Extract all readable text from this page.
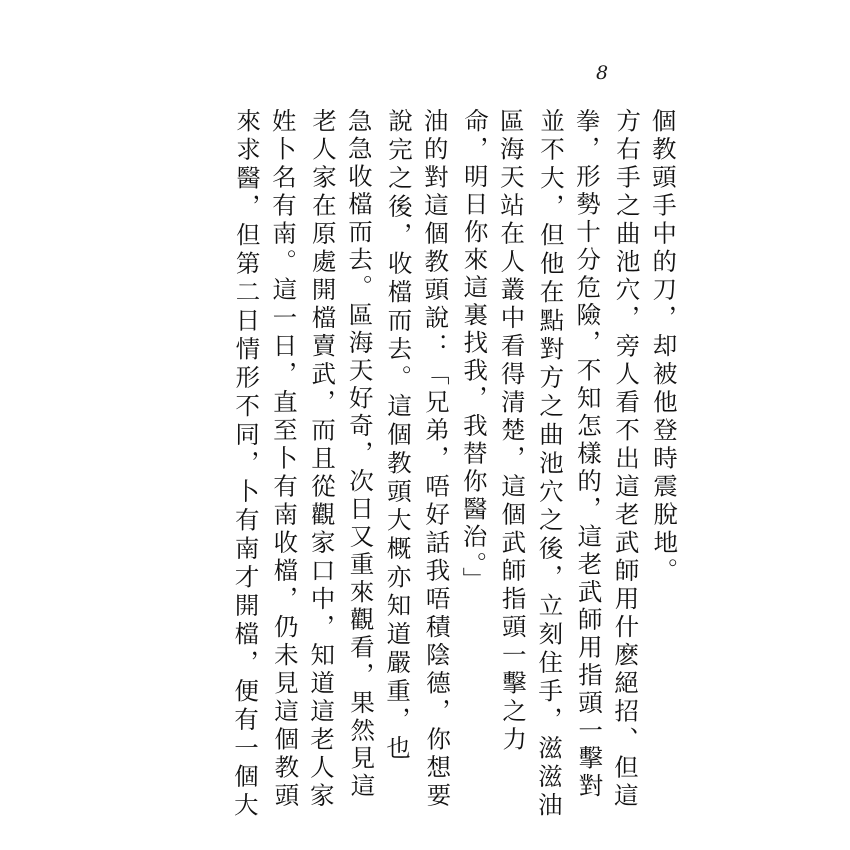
8
個教頭手中的刀，却被他登時震脫地。
方右手之曲池穴，旁人看不出這老武師用什麽絕招、但這
拳，形勢十分危險，不知怎樣的，這老武師用指頭一擊對
並不大，但他在點對方之曲池穴之後，立刻住手，滋滋油
區海天站在人叢中看得清楚，這個武師指頭一擊之力
命，明日你來這裏找我，我替你醫治。」
油的對這個教頭說：「兄弟，唔好話我唔積陰德，你想要
說完之後，收檔而去。這個教頭大概亦知道嚴重，也
急急收檔而去。區海天好奇，次日又重來觀看，果然見這
老人家在原處開檔賣武，而且從觀家口中，知道這老人家
姓卜名有南。這一日，直至卜有南收檔，仍未見這個教頭
來求醫，但第二日情形不同，卜有南才開檔，便有一個大
